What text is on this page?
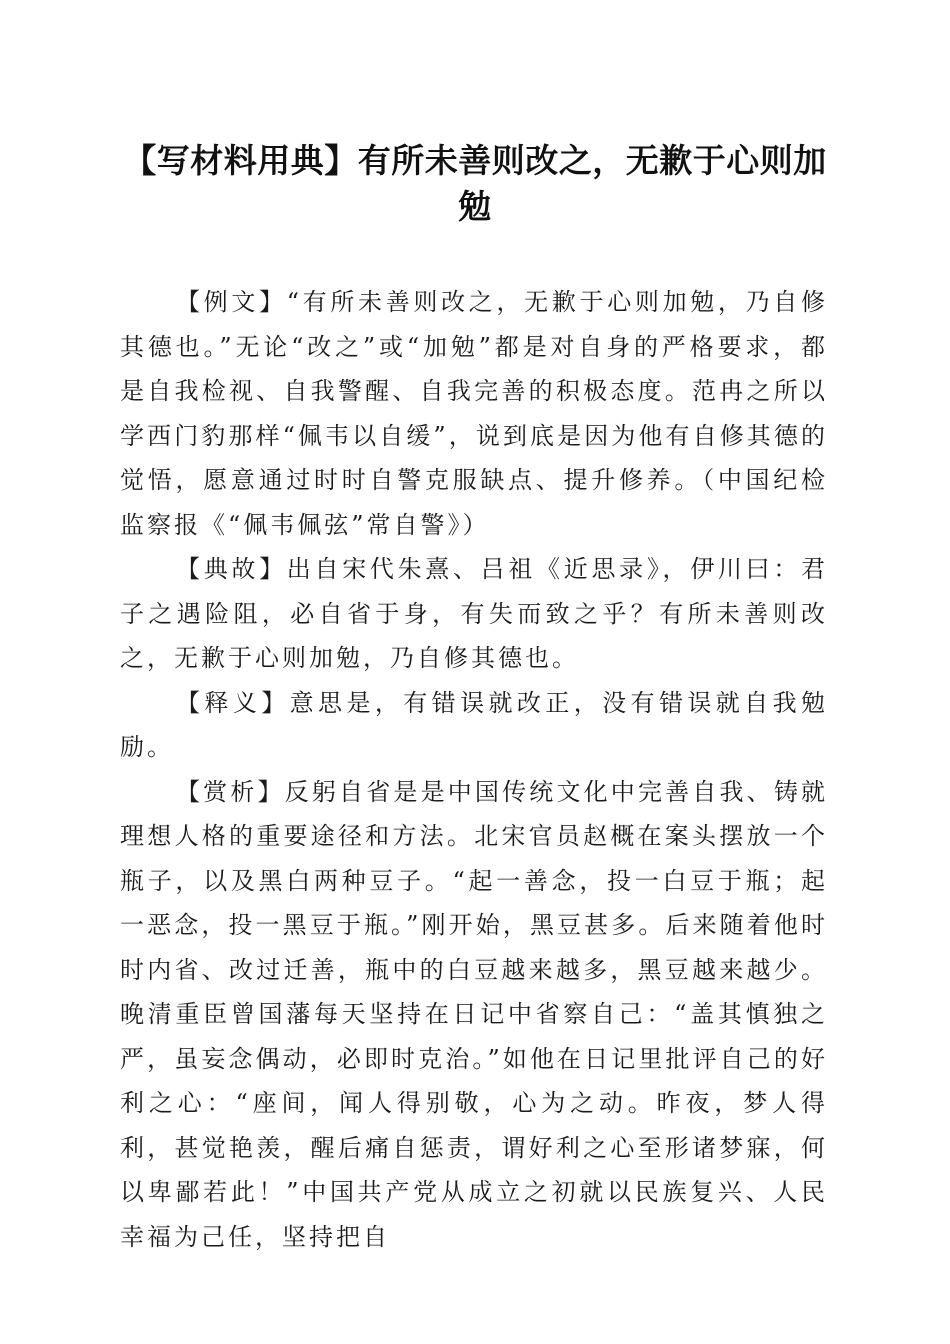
【写材料用典】有所未善则改之，无歉于心则加勉

【例文】“有所未善则改之，无歉于心则加勉，乃自修其德也。”无论“改之”或“加勉”都是对自身的严格要求，都是自我检视、自我警醒、自我完善的积极态度。范冉之所以学西门豹那样“佩韦以自缓”，说到底是因为他有自修其德的觉悟，愿意通过时时自警克服缺点、提升修养。（中国纪检监察报《“佩韦佩弦”常自警》）

【典故】出自宋代朱熹、吕祖《近思录》，伊川曰：君子之遇险阻，必自省于身，有失而致之乎？有所未善则改之，无歉于心则加勉，乃自修其德也。

【释义】意思是，有错误就改正，没有错误就自我勉励。

【赏析】反躬自省是是中国传统文化中完善自我、铸就理想人格的重要途径和方法。北宋官员赵概在案头摆放一个瓶子，以及黑白两种豆子。“起一善念，投一白豆于瓶；起一恶念，投一黑豆于瓶。”刚开始，黑豆甚多。后来随着他时时内省、改过迁善，瓶中的白豆越来越多，黑豆越来越少。晚清重臣曾国藩每天坚持在日记中省察自己：“盖其慎独之严，虽妄念偶动，必即时克治。”如他在日记里批评自己的好利之心：“座间，闻人得别敬，心为之动。昨夜，梦人得利，甚觉艳羡，醒后痛自惩责，谓好利之心至形诸梦寐，何以卑鄙若此！”中国共产党从成立之初就以民族复兴、人民幸福为己任，坚持把自
